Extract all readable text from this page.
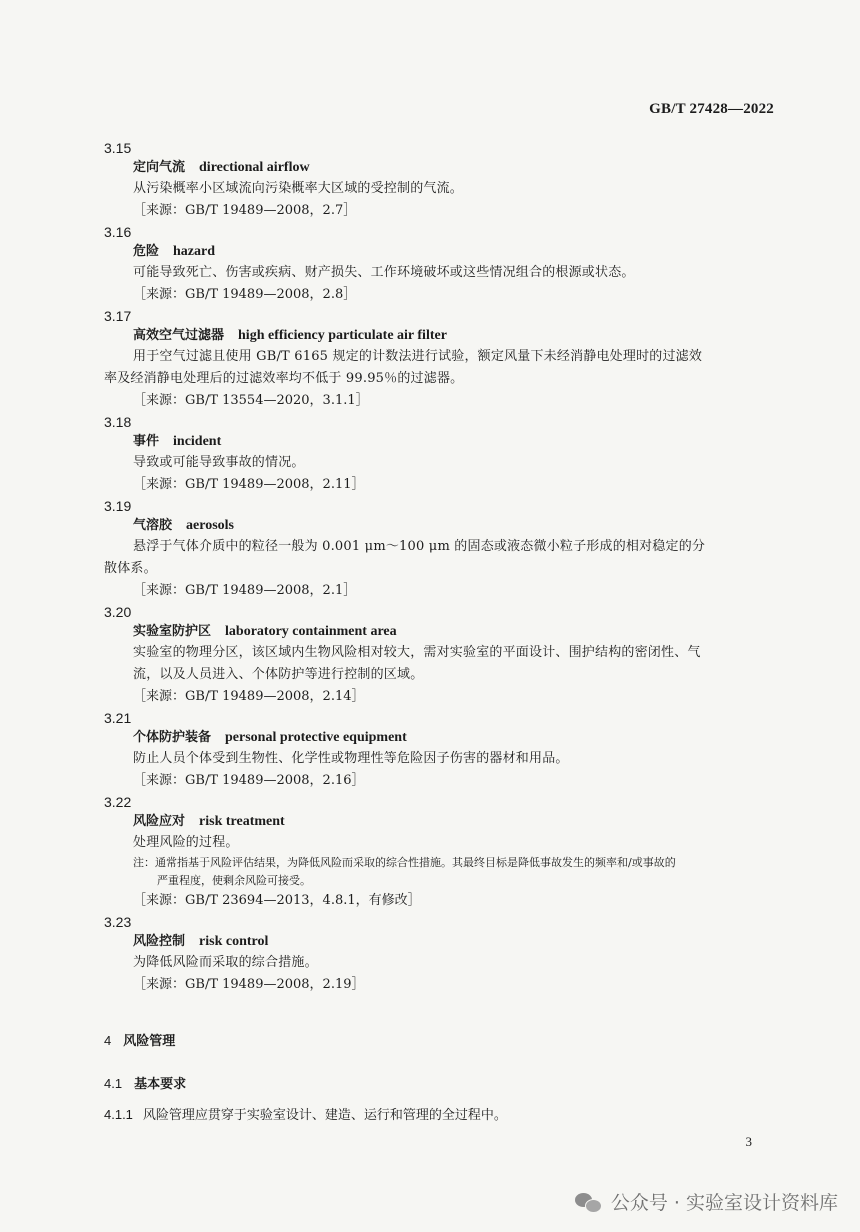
GB/T 27428—2022
3.15
定向气流 directional airflow
从污染概率小区域流向污染概率大区域的受控制的气流。
［来源：GB/T 19489—2008，2.7］
3.16
危险 hazard
可能导致死亡、伤害或疾病、财产损失、工作环境破坏或这些情况组合的根源或状态。
［来源：GB/T 19489—2008，2.8］
3.17
高效空气过滤器 high efficiency particulate air filter
用于空气过滤且使用 GB/T 6165 规定的计数法进行试验，额定风量下未经消静电处理时的过滤效
率及经消静电处理后的过滤效率均不低于 99.95％的过滤器。
［来源：GB/T 13554—2020，3.1.1］
3.18
事件 incident
导致或可能导致事故的情况。
［来源：GB/T 19489—2008，2.11］
3.19
气溶胶 aerosols
悬浮于气体介质中的粒径一般为 0.001 μm～100 μm 的固态或液态微小粒子形成的相对稳定的分
散体系。
［来源：GB/T 19489—2008，2.1］
3.20
实验室防护区 laboratory containment area
实验室的物理分区，该区域内生物风险相对较大，需对实验室的平面设计、围护结构的密闭性、气
流，以及人员进入、个体防护等进行控制的区域。
［来源：GB/T 19489—2008，2.14］
3.21
个体防护装备 personal protective equipment
防止人员个体受到生物性、化学性或物理性等危险因子伤害的器材和用品。
［来源：GB/T 19489—2008，2.16］
3.22
风险应对 risk treatment
处理风险的过程。
注：通常指基于风险评估结果，为降低风险而采取的综合性措施。其最终目标是降低事故发生的频率和/或事故的
严重程度，使剩余风险可接受。
［来源：GB/T 23694—2013，4.8.1，有修改］
3.23
风险控制 risk control
为降低风险而采取的综合措施。
［来源：GB/T 19489—2008，2.19］
4 风险管理
4.1 基本要求
4.1.1 风险管理应贯穿于实验室设计、建造、运行和管理的全过程中。
3
公众号 · 实验室设计资料库
